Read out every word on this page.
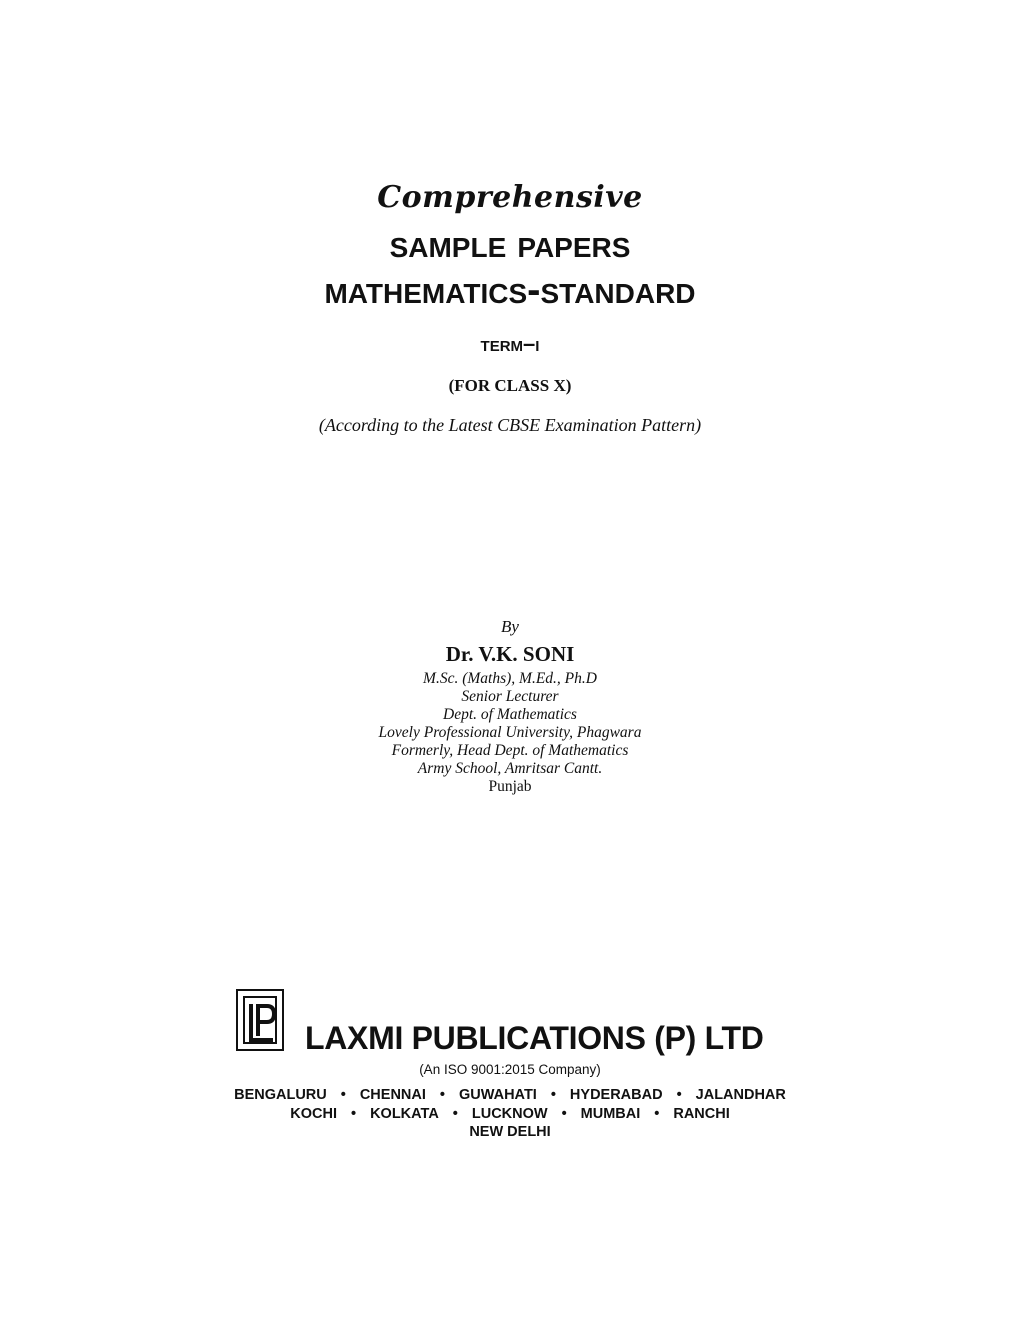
Comprehensive
sample papers
mathematics-standard
term–i
(FOR CLASS X)
(According to the Latest CBSE Examination Pattern)
By
Dr. V.K. SONI
M.Sc. (Maths), M.Ed., Ph.D
Senior Lecturer
Dept. of Mathematics
Lovely Professional University, Phagwara
Formerly, Head Dept. of Mathematics
Army School, Amritsar Cantt.
Punjab
LAXMI PUBLICATIONS (P) LTD
(An ISO 9001:2015 Company)
BENGALURU • CHENNAI • GUWAHATI • HYDERABAD • JALANDHAR
KOCHI • KOLKATA • LUCKNOW • MUMBAI • RANCHI
NEW DELHI
